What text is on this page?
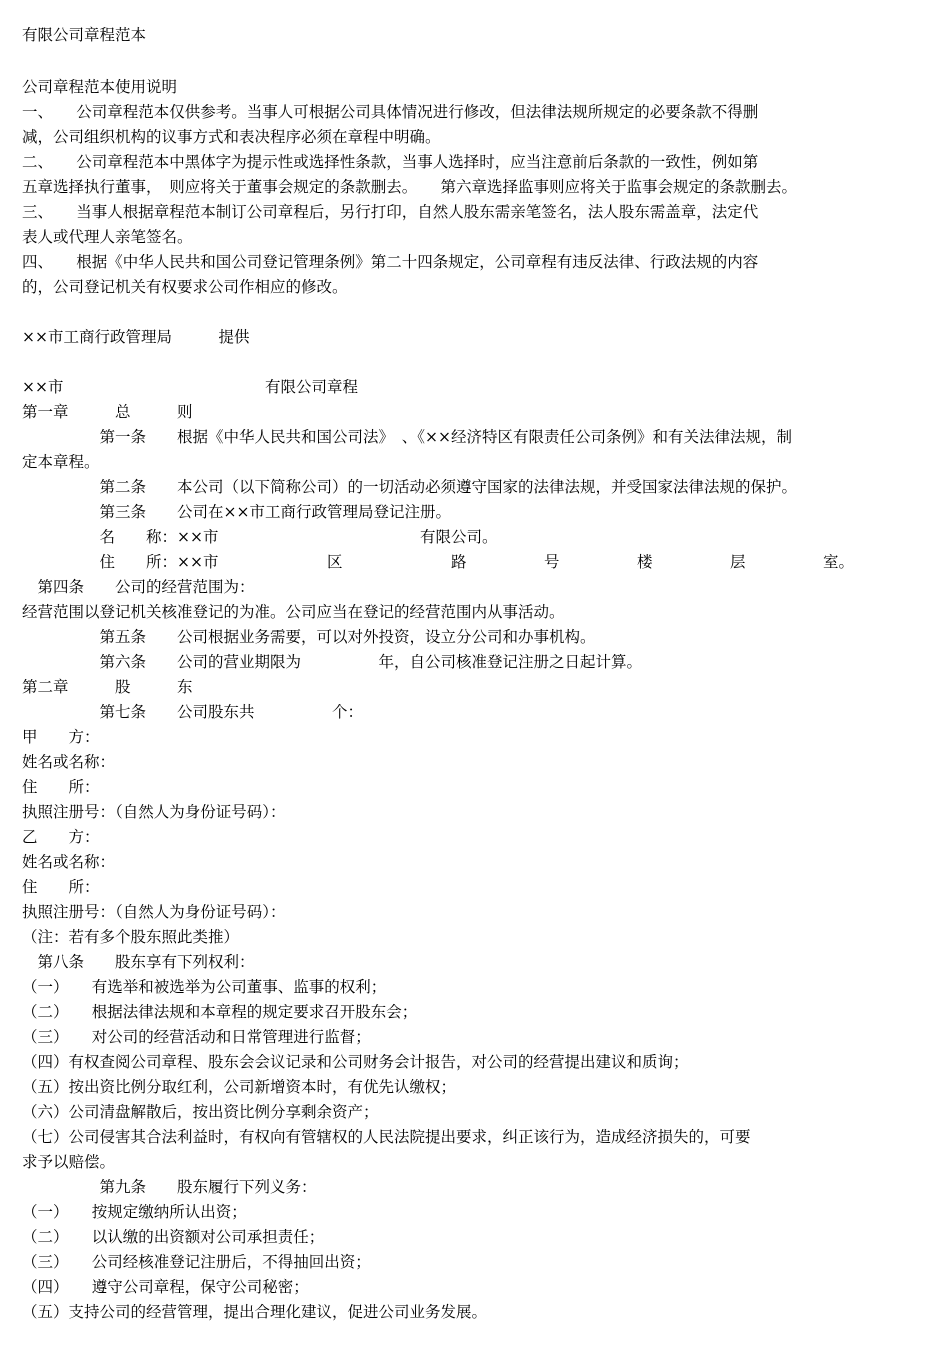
有限公司章程范本
公司章程范本使用说明
一、　　公司章程范本仅供参考。当事人可根据公司具体情况进行修改，但法律法规所规定的必要条款不得删
减，公司组织机构的议事方式和表决程序必须在章程中明确。
二、　　公司章程范本中黑体字为提示性或选择性条款，当事人选择时，应当注意前后条款的一致性，例如第
五章选择执行董事，　则应将关于董事会规定的条款删去。　　第六章选择监事则应将关于监事会规定的条款删去。
三、　　当事人根据章程范本制订公司章程后，另行打印，自然人股东需亲笔签名，法人股东需盖章，法定代
表人或代理人亲笔签名。
四、　　根据《中华人民共和国公司登记管理条例》第二十四条规定，公司章程有违反法律、行政法规的内容
的，公司登记机关有权要求公司作相应的修改。
××市工商行政管理局　　　提供
××市　　　　　　　　　　　　　有限公司章程
第一章　　　总　　　则
　　　　　第一条　　根据《中华人民共和国公司法》　、《××经济特区有限责任公司条例》和有关法律法规，制
定本章程。
　　　　　第二条　　本公司（以下简称公司）的一切活动必须遵守国家的法律法规，并受国家法律法规的保护。
　　　　　第三条　　公司在××市工商行政管理局登记注册。
　　　　　名　　称：××市　　　　　　　　　　　　　有限公司。
　　　　　住　　所：××市　　　　　　　区　　　　　　　路　　　　　号　　　　　楼　　　　　层　　　　　室。
　第四条　　公司的经营范围为：
经营范围以登记机关核准登记的为准。公司应当在登记的经营范围内从事活动。
　　　　　第五条　　公司根据业务需要，可以对外投资，设立分公司和办事机构。
　　　　　第六条　　公司的营业期限为　　　　　年，自公司核准登记注册之日起计算。
第二章　　　股　　　东
　　　　　第七条　　公司股东共　　　　　个：
甲　　方：
姓名或名称：
住　　所：
执照注册号：（自然人为身份证号码）：
乙　　方：
姓名或名称：
住　　所：
执照注册号：（自然人为身份证号码）：
（注：若有多个股东照此类推）
　第八条　　股东享有下列权利：
（一）　　有选举和被选举为公司董事、监事的权利；
（二）　　根据法律法规和本章程的规定要求召开股东会；
（三）　　对公司的经营活动和日常管理进行监督；
（四）有权查阅公司章程、股东会会议记录和公司财务会计报告，对公司的经营提出建议和质询；
（五）按出资比例分取红利，公司新增资本时，有优先认缴权；
（六）公司清盘解散后，按出资比例分享剩余资产；
（七）公司侵害其合法利益时，有权向有管辖权的人民法院提出要求，纠正该行为，造成经济损失的，可要
求予以赔偿。
　　　　　第九条　　股东履行下列义务：
（一）　　按规定缴纳所认出资；
（二）　　以认缴的出资额对公司承担责任；
（三）　　公司经核准登记注册后，不得抽回出资；
（四）　　遵守公司章程，保守公司秘密；
（五）支持公司的经营管理，提出合理化建议，促进公司业务发展。
